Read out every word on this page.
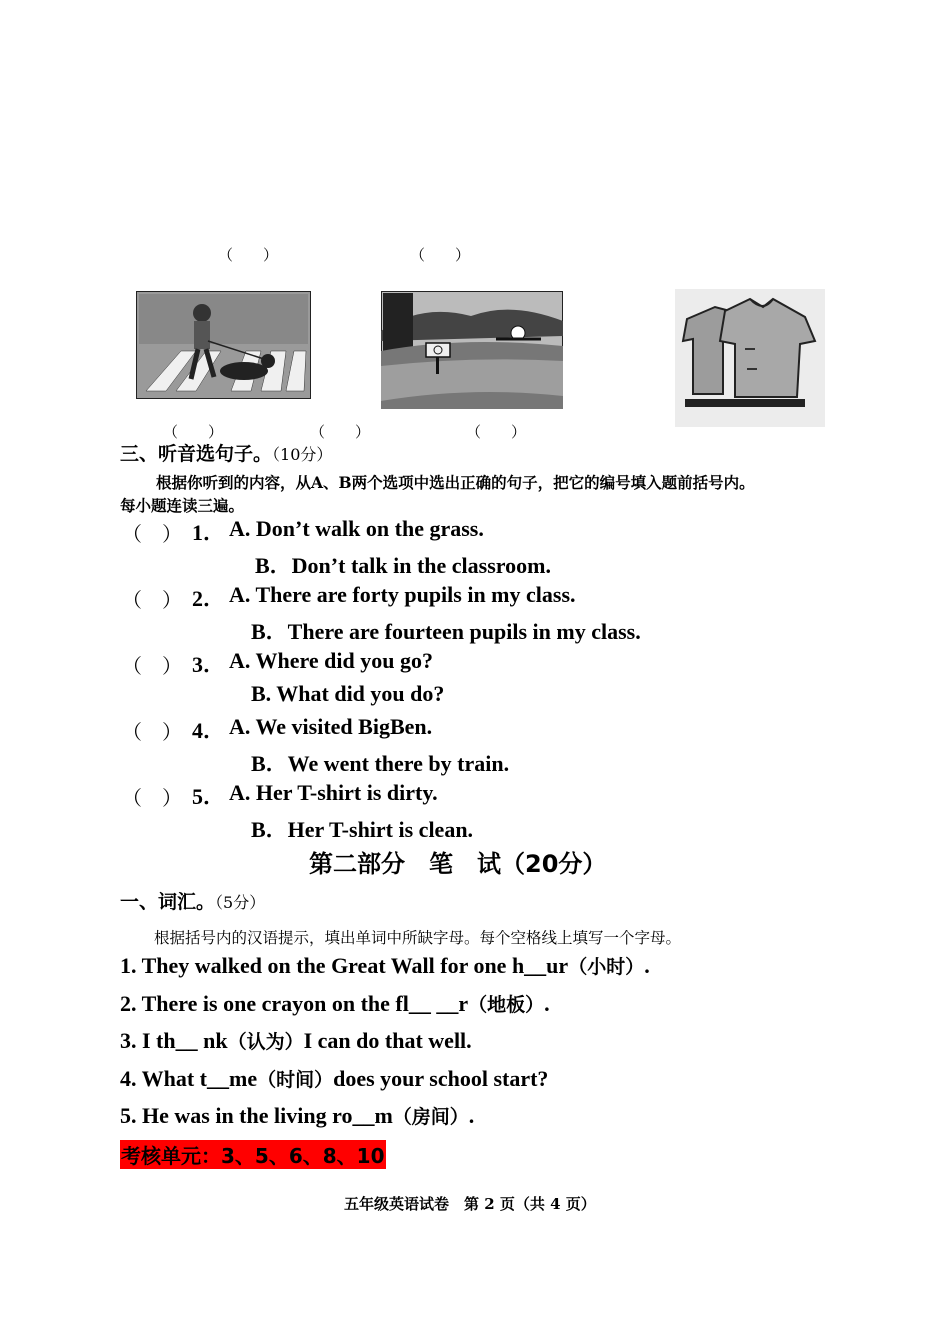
（　　）	（　　）
（　　）	（　　）	（　　）
三、听音选句子。（10分）
根据你听到的内容，从A、B两个选项中选出正确的句子，把它的编号填入题前括号内。
每小题连读三遍。
（　） 1． A. Don’t walk on the grass.
B．Don’t talk in the classroom.
（　） 2． A. There are forty pupils in my class.
B．There are fourteen pupils in my class.
（　） 3． A. Where did you go?
B. What did you do?
（　） 4． A. We visited BigBen.
B．We went there by train.
（　） 5． A. Her T-shirt is dirty.
B．Her T-shirt is clean.
第二部分　笔　试（20分）
一、词汇。（5分）
根据括号内的汉语提示，填出单词中所缺字母。每个空格线上填写一个字母。
1. They walked on the Great Wall for one h__ur（小时）.
2. There is one crayon on the fl__ __r（地板）.
3. I th__ nk（认为）I can do that well.
4. What t__me（时间）does your school start?
5. He was in the living ro__m（房间）.
考核单元：3、5、6、8、10
五年级英语试卷　第 2 页（共 4 页）
